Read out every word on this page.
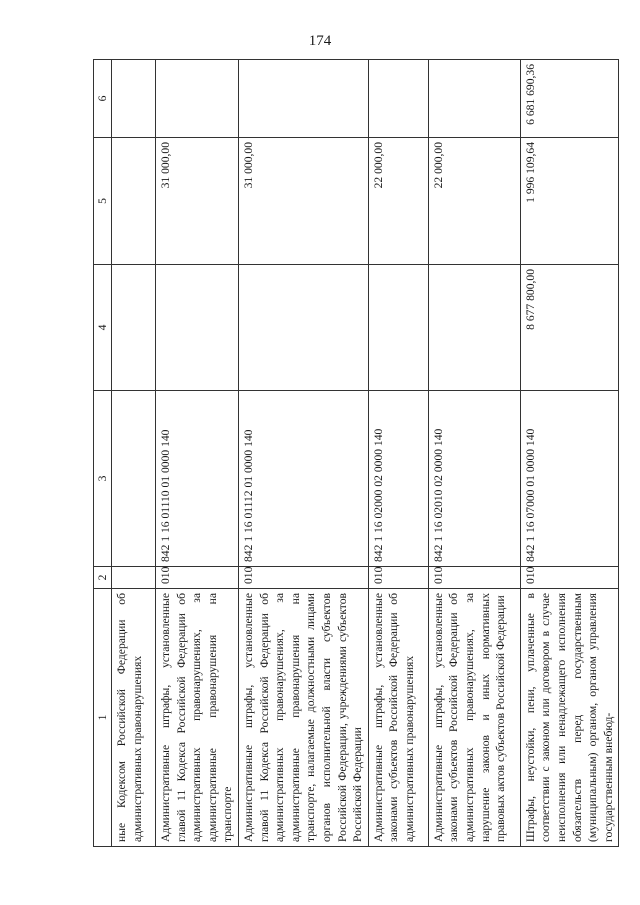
174
1	2	3	4	5	6
ные Кодексом Российской Федерации об административных правонарушениях					
Административные штрафы, установленные главой 11 Кодекса Российской Федерации об административных правонарушениях, за административные правонарушения на транспорте	010	842 1 16 01110 01 0000 140		31 000,00	
Административные штрафы, установленные главой 11 Кодекса Российской Федерации об административных правонарушениях, за административные правонарушения на транспорте, налагаемые должностными лицами органов исполнительной власти субъектов Российской Федерации, учреждениями субъектов Российской Федерации	010	842 1 16 01112 01 0000 140		31 000,00	
Административные штрафы, установленные законами субъектов Российской Федерации об административных правонарушениях	010	842 1 16 02000 02 0000 140		22 000,00	
Административные штрафы, установленные законами субъектов Российской Федерации об административных правонарушениях, за нарушение законов и иных нормативных правовых актов субъектов Российской Федерации	010	842 1 16 02010 02 0000 140		22 000,00	
Штрафы, неустойки, пени, уплаченные в соответствии с законом или договором в случае неисполнения или ненадлежащего исполнения обязательств перед государственным (муниципальным) органом, органом управления государственным внебюд-	010	842 1 16 07000 01 0000 140	8 677 800,00	1 996 109,64	6 681 690,36
